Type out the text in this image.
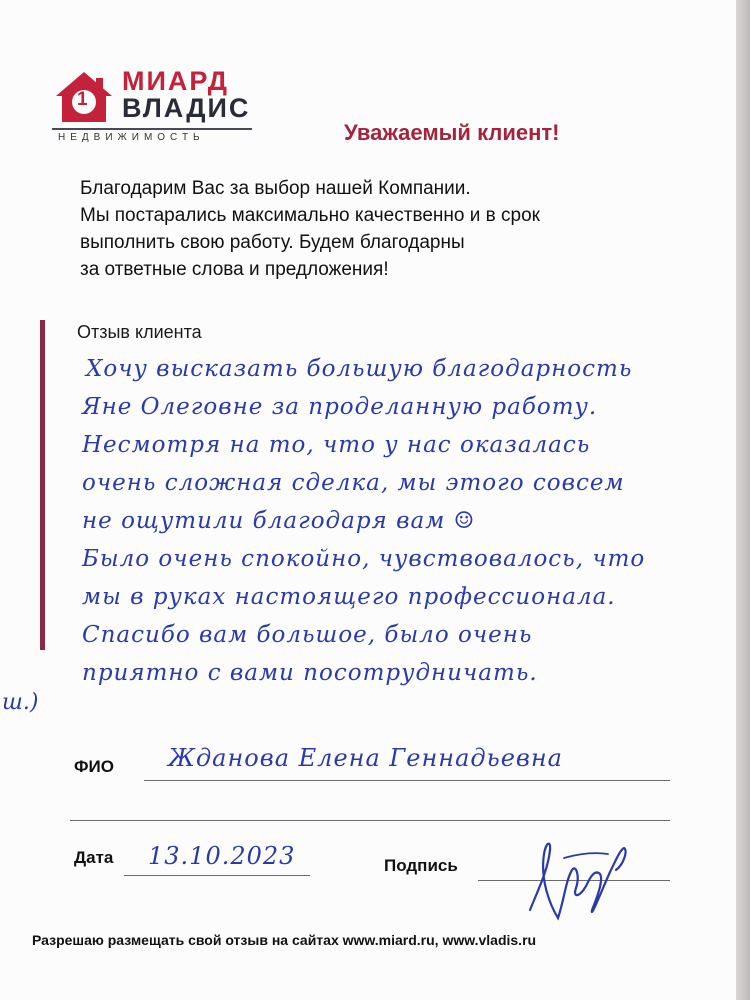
1
МИАРД
ВЛАДИС
НЕДВИЖИМОСТЬ	Уважаемый клиент!
Благодарим Вас за выбор нашей Компании.
Мы постарались максимально качественно и в срок
выполнить свою работу. Будем благодарны
за ответные слова и предложения!
Отзыв клиента
Хочу высказать большую благодарность
Яне Олеговне за проделанную работу.
Несмотря на то, что у нас оказалась
очень сложная сделка, мы этого совсем
не ощутили благодаря вам ☺
Было очень спокойно, чувствовалось, что
мы в руках настоящего профессионала.
Спасибо вам большое, было очень
приятно с вами посотрудничать.
ш.)
ФИО Жданова Елена Геннадьевна
Дата 13.10.2023	Подпись
Разрешаю размещать свой отзыв на сайтах www.miard.ru, www.vladis.ru
